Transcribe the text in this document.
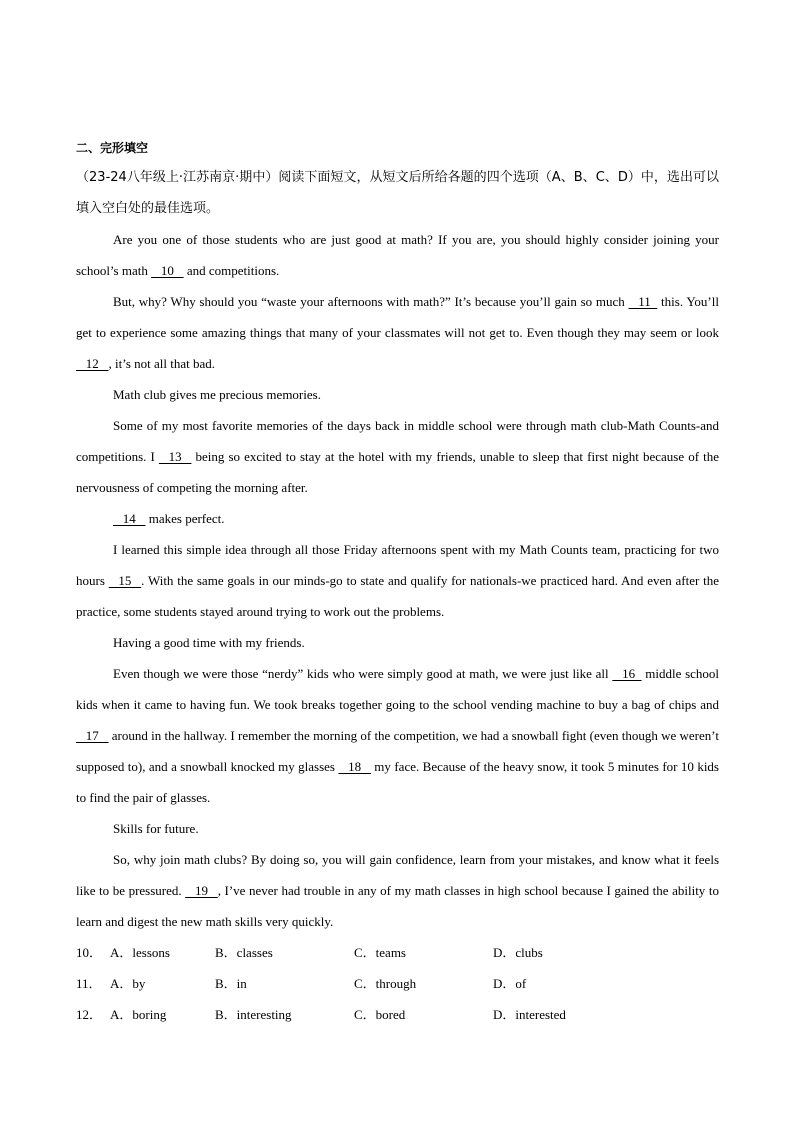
二、完形填空
（23-24八年级上·江苏南京·期中）阅读下面短文，从短文后所给各题的四个选项（A、B、C、D）中，选出可以填入空白处的最佳选项。

Are you one of those students who are just good at math? If you are, you should highly consider joining your school’s math    10    and competitions.

But, why? Why should you “waste your afternoons with math?” It’s because you’ll gain so much    11   this. You’ll get to experience some amazing things that many of your classmates will not get to. Even though they may seem or look    12   , it’s not all that bad.

Math club gives me precious memories.

Some of my most favorite memories of the days back in middle school were through math club-Math Counts-and competitions. I    13    being so excited to stay at the hotel with my friends, unable to sleep that first night because of the nervousness of competing the morning after.

14    makes perfect.

I learned this simple idea through all those Friday afternoons spent with my Math Counts team, practicing for two hours    15   . With the same goals in our minds-go to state and qualify for nationals-we practiced hard. And even after the practice, some students stayed around trying to work out the problems.

Having a good time with my friends.

Even though we were those “nerdy” kids who were simply good at math, we were just like all    16   middle school kids when it came to having fun. We took breaks together going to the school vending machine to buy a bag of chips and    17    around in the hallway. I remember the morning of the competition, we had a snowball fight (even though we weren’t supposed to), and a snowball knocked my glasses    18    my face. Because of the heavy snow, it took 5 minutes for 10 kids to find the pair of glasses.

Skills for future.

So, why join math clubs? By doing so, you will gain confidence, learn from your mistakes, and know what it feels like to be pressured.    19   , I’ve never had trouble in any of my math classes in high school because I gained the ability to learn and digest the new math skills very quickly.

10． A．lessons	B．classes	C．teams	D．clubs
11． A．by	B．in	C．through	D．of
12． A．boring	B．interesting	C．bored	D．interested
